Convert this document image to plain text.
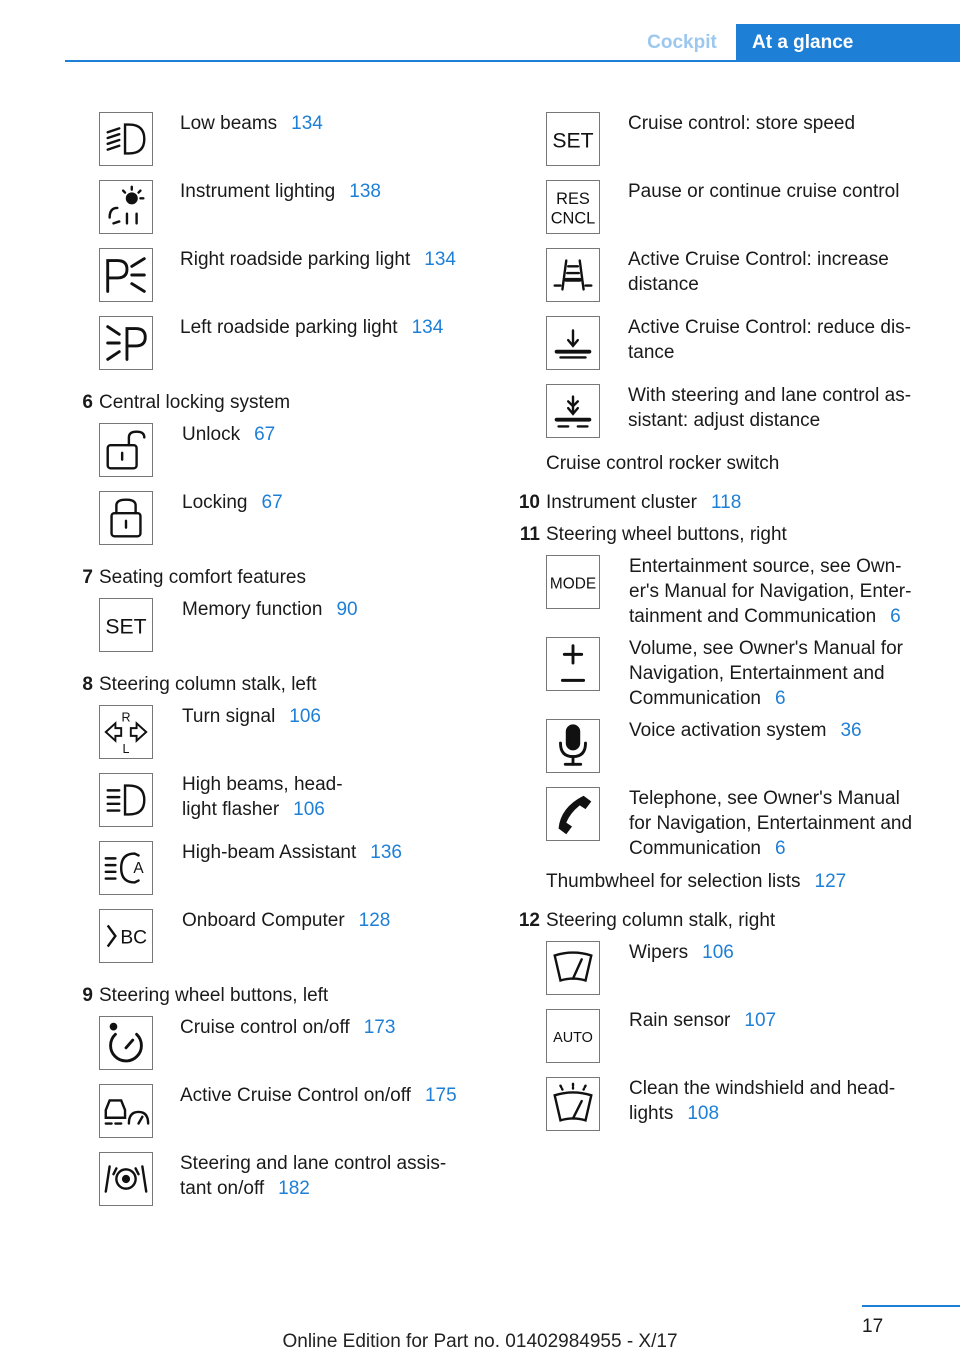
Cockpit	At a glance
Low beams 134
Instrument lighting 138
Right roadside parking light 134
Left roadside parking light 134
6 Central locking system
Unlock 67
Locking 67
7 Seating comfort features
SET
Memory function 90
8 Steering column stalk, left
R
L
Turn signal 106
High beams, head-
light flasher 106
A
High-beam Assistant 136
BC
Onboard Computer 128
9 Steering wheel buttons, left
Cruise control on/off 173
Active Cruise Control on/off 175
Steering and lane control assis-
tant on/off 182
SET
Cruise control: store speed
RES
CNCL
Pause or continue cruise control
Active Cruise Control: increase
distance
Active Cruise Control: reduce dis-
tance
With steering and lane control as-
sistant: adjust distance
Cruise control rocker switch
10 Instrument cluster 118
11 Steering wheel buttons, right
MODE
Entertainment source, see Own-
er's Manual for Navigation, Enter-
tainment and Communication 6
Volume, see Owner's Manual for
Navigation, Entertainment and
Communication 6
Voice activation system 36
Telephone, see Owner's Manual
for Navigation, Entertainment and
Communication 6
Thumbwheel for selection lists 127
12 Steering column stalk, right
Wipers 106
AUTO
Rain sensor 107
Clean the windshield and head-
lights 108
17
Online Edition for Part no. 01402984955 - X/17
